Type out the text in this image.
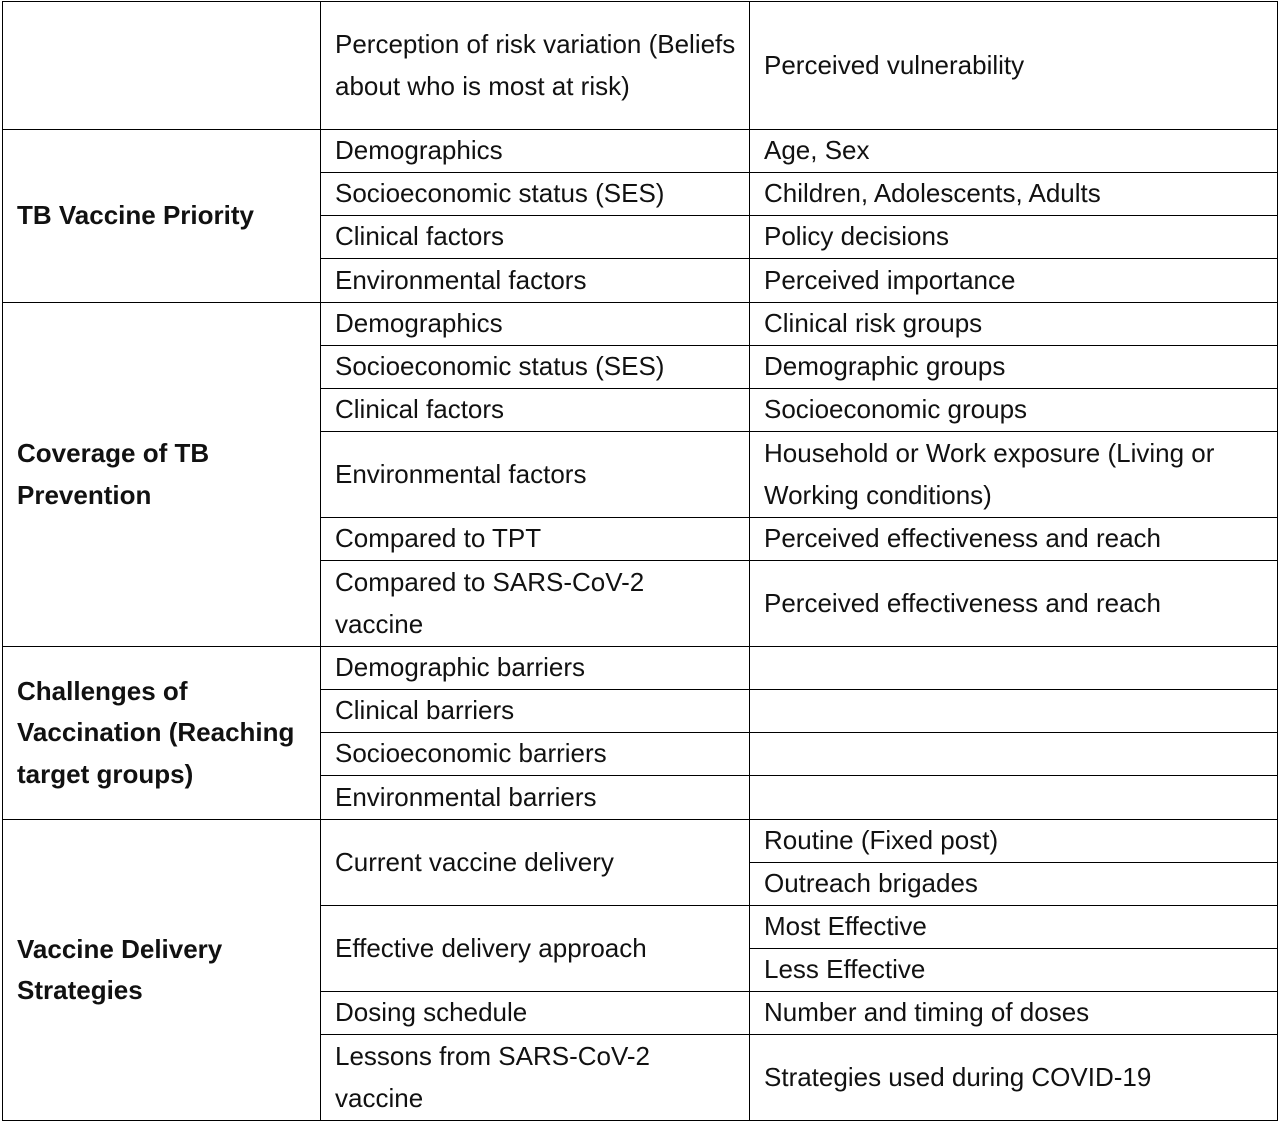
	Perception of risk variation (Beliefs about who is most at risk)	Perceived vulnerability
TB Vaccine Priority	Demographics	Age, Sex
	Socioeconomic status (SES)	Children, Adolescents, Adults
	Clinical factors	Policy decisions
	Environmental factors	Perceived importance
Coverage of TB Prevention	Demographics	Clinical risk groups
	Socioeconomic status (SES)	Demographic groups
	Clinical factors	Socioeconomic groups
	Environmental factors	Household or Work exposure (Living or Working conditions)
	Compared to TPT	Perceived effectiveness and reach
	Compared to SARS-CoV-2 vaccine	Perceived effectiveness and reach
Challenges of Vaccination (Reaching target groups)	Demographic barriers	
	Clinical barriers	
	Socioeconomic barriers	
	Environmental barriers	
Vaccine Delivery Strategies	Current vaccine delivery	Routine (Fixed post)
		Outreach brigades
	Effective delivery approach	Most Effective
		Less Effective
	Dosing schedule	Number and timing of doses
	Lessons from SARS-CoV-2 vaccine	Strategies used during COVID-19
